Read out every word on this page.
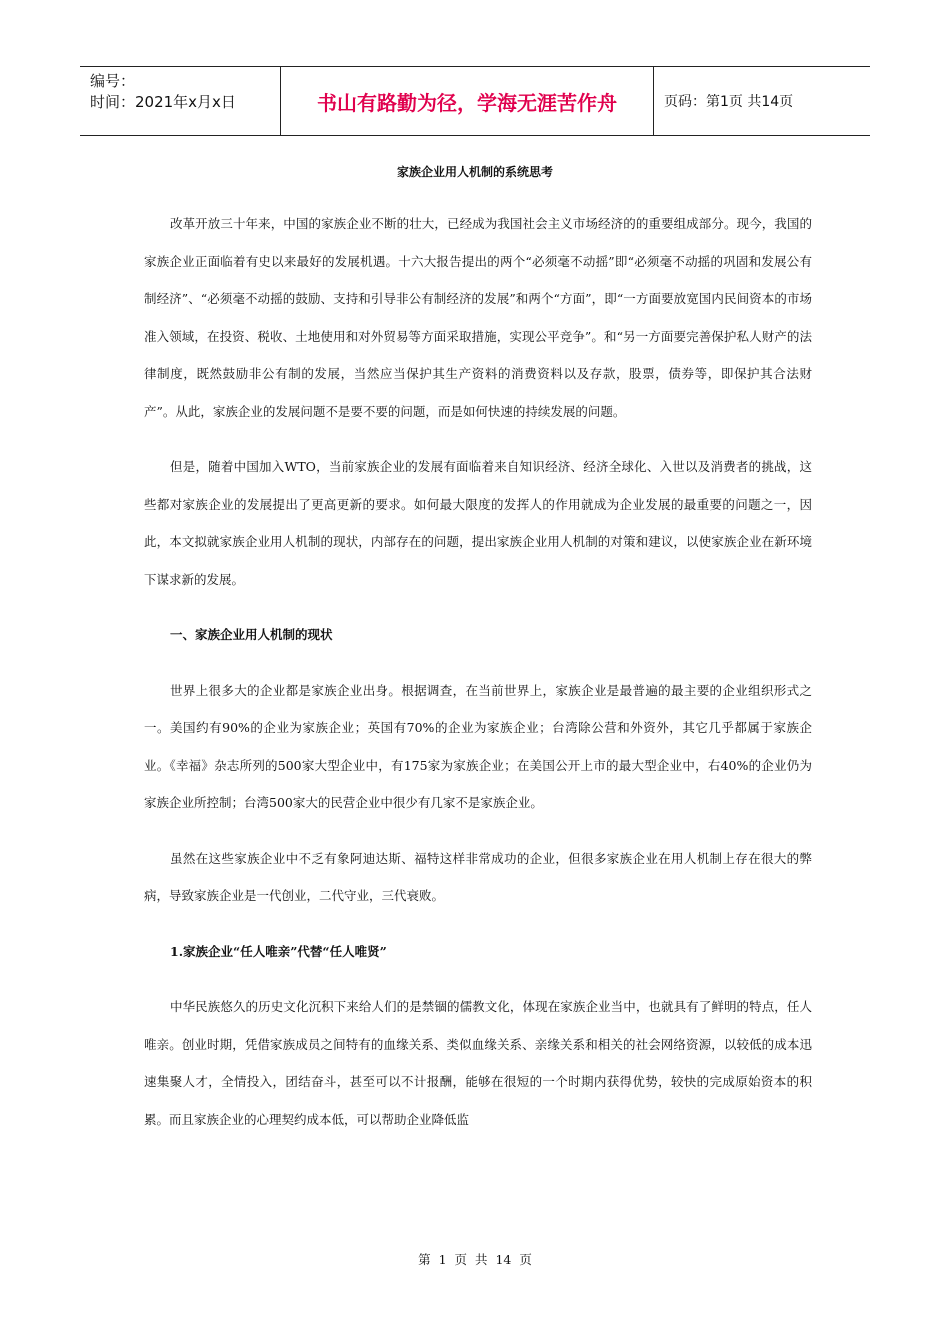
编号：
时间：2021年x月x日	书山有路勤为径，学海无涯苦作舟	页码：第1页 共14页
家族企业用人机制的系统思考

改革开放三十年来，中国的家族企业不断的壮大，已经成为我国社会主义市场经济的的重要组成部分。现今，我国的家族企业正面临着有史以来最好的发展机遇。十六大报告提出的两个“必须毫不动摇”即“必须毫不动摇的巩固和发展公有制经济”、“必须毫不动摇的鼓励、支持和引导非公有制经济的发展”和两个“方面”，即“一方面要放宽国内民间资本的市场准入领域，在投资、税收、土地使用和对外贸易等方面采取措施，实现公平竞争”。和“另一方面要完善保护私人财产的法律制度，既然鼓励非公有制的发展，当然应当保护其生产资料的消费资料以及存款，股票，债券等，即保护其合法财产”。从此，家族企业的发展问题不是要不要的问题，而是如何快速的持续发展的问题。

但是，随着中国加入WTO，当前家族企业的发展有面临着来自知识经济、经济全球化、入世以及消费者的挑战，这些都对家族企业的发展提出了更高更新的要求。如何最大限度的发挥人的作用就成为企业发展的最重要的问题之一，因此，本文拟就家族企业用人机制的现状，内部存在的问题，提出家族企业用人机制的对策和建议，以使家族企业在新环境下谋求新的发展。

一、家族企业用人机制的现状

世界上很多大的企业都是家族企业出身。根据调查，在当前世界上，家族企业是最普遍的最主要的企业组织形式之一。美国约有90%的企业为家族企业；英国有70%的企业为家族企业；台湾除公营和外资外，其它几乎都属于家族企业。《幸福》杂志所列的500家大型企业中，有175家为家族企业；在美国公开上市的最大型企业中，右40%的企业仍为家族企业所控制；台湾500家大的民营企业中很少有几家不是家族企业。

虽然在这些家族企业中不乏有象阿迪达斯、福特这样非常成功的企业，但很多家族企业在用人机制上存在很大的弊病，导致家族企业是一代创业，二代守业，三代衰败。

1.家族企业“任人唯亲”代替“任人唯贤”

中华民族悠久的历史文化沉积下来给人们的是禁锢的儒教文化，体现在家族企业当中，也就具有了鲜明的特点，任人唯亲。创业时期，凭借家族成员之间特有的血缘关系、类似血缘关系、亲缘关系和相关的社会网络资源，以较低的成本迅速集聚人才，全情投入，团结奋斗，甚至可以不计报酬，能够在很短的一个时期内获得优势，较快的完成原始资本的积累。而且家族企业的心理契约成本低，可以帮助企业降低监

第 1 页 共 14 页
